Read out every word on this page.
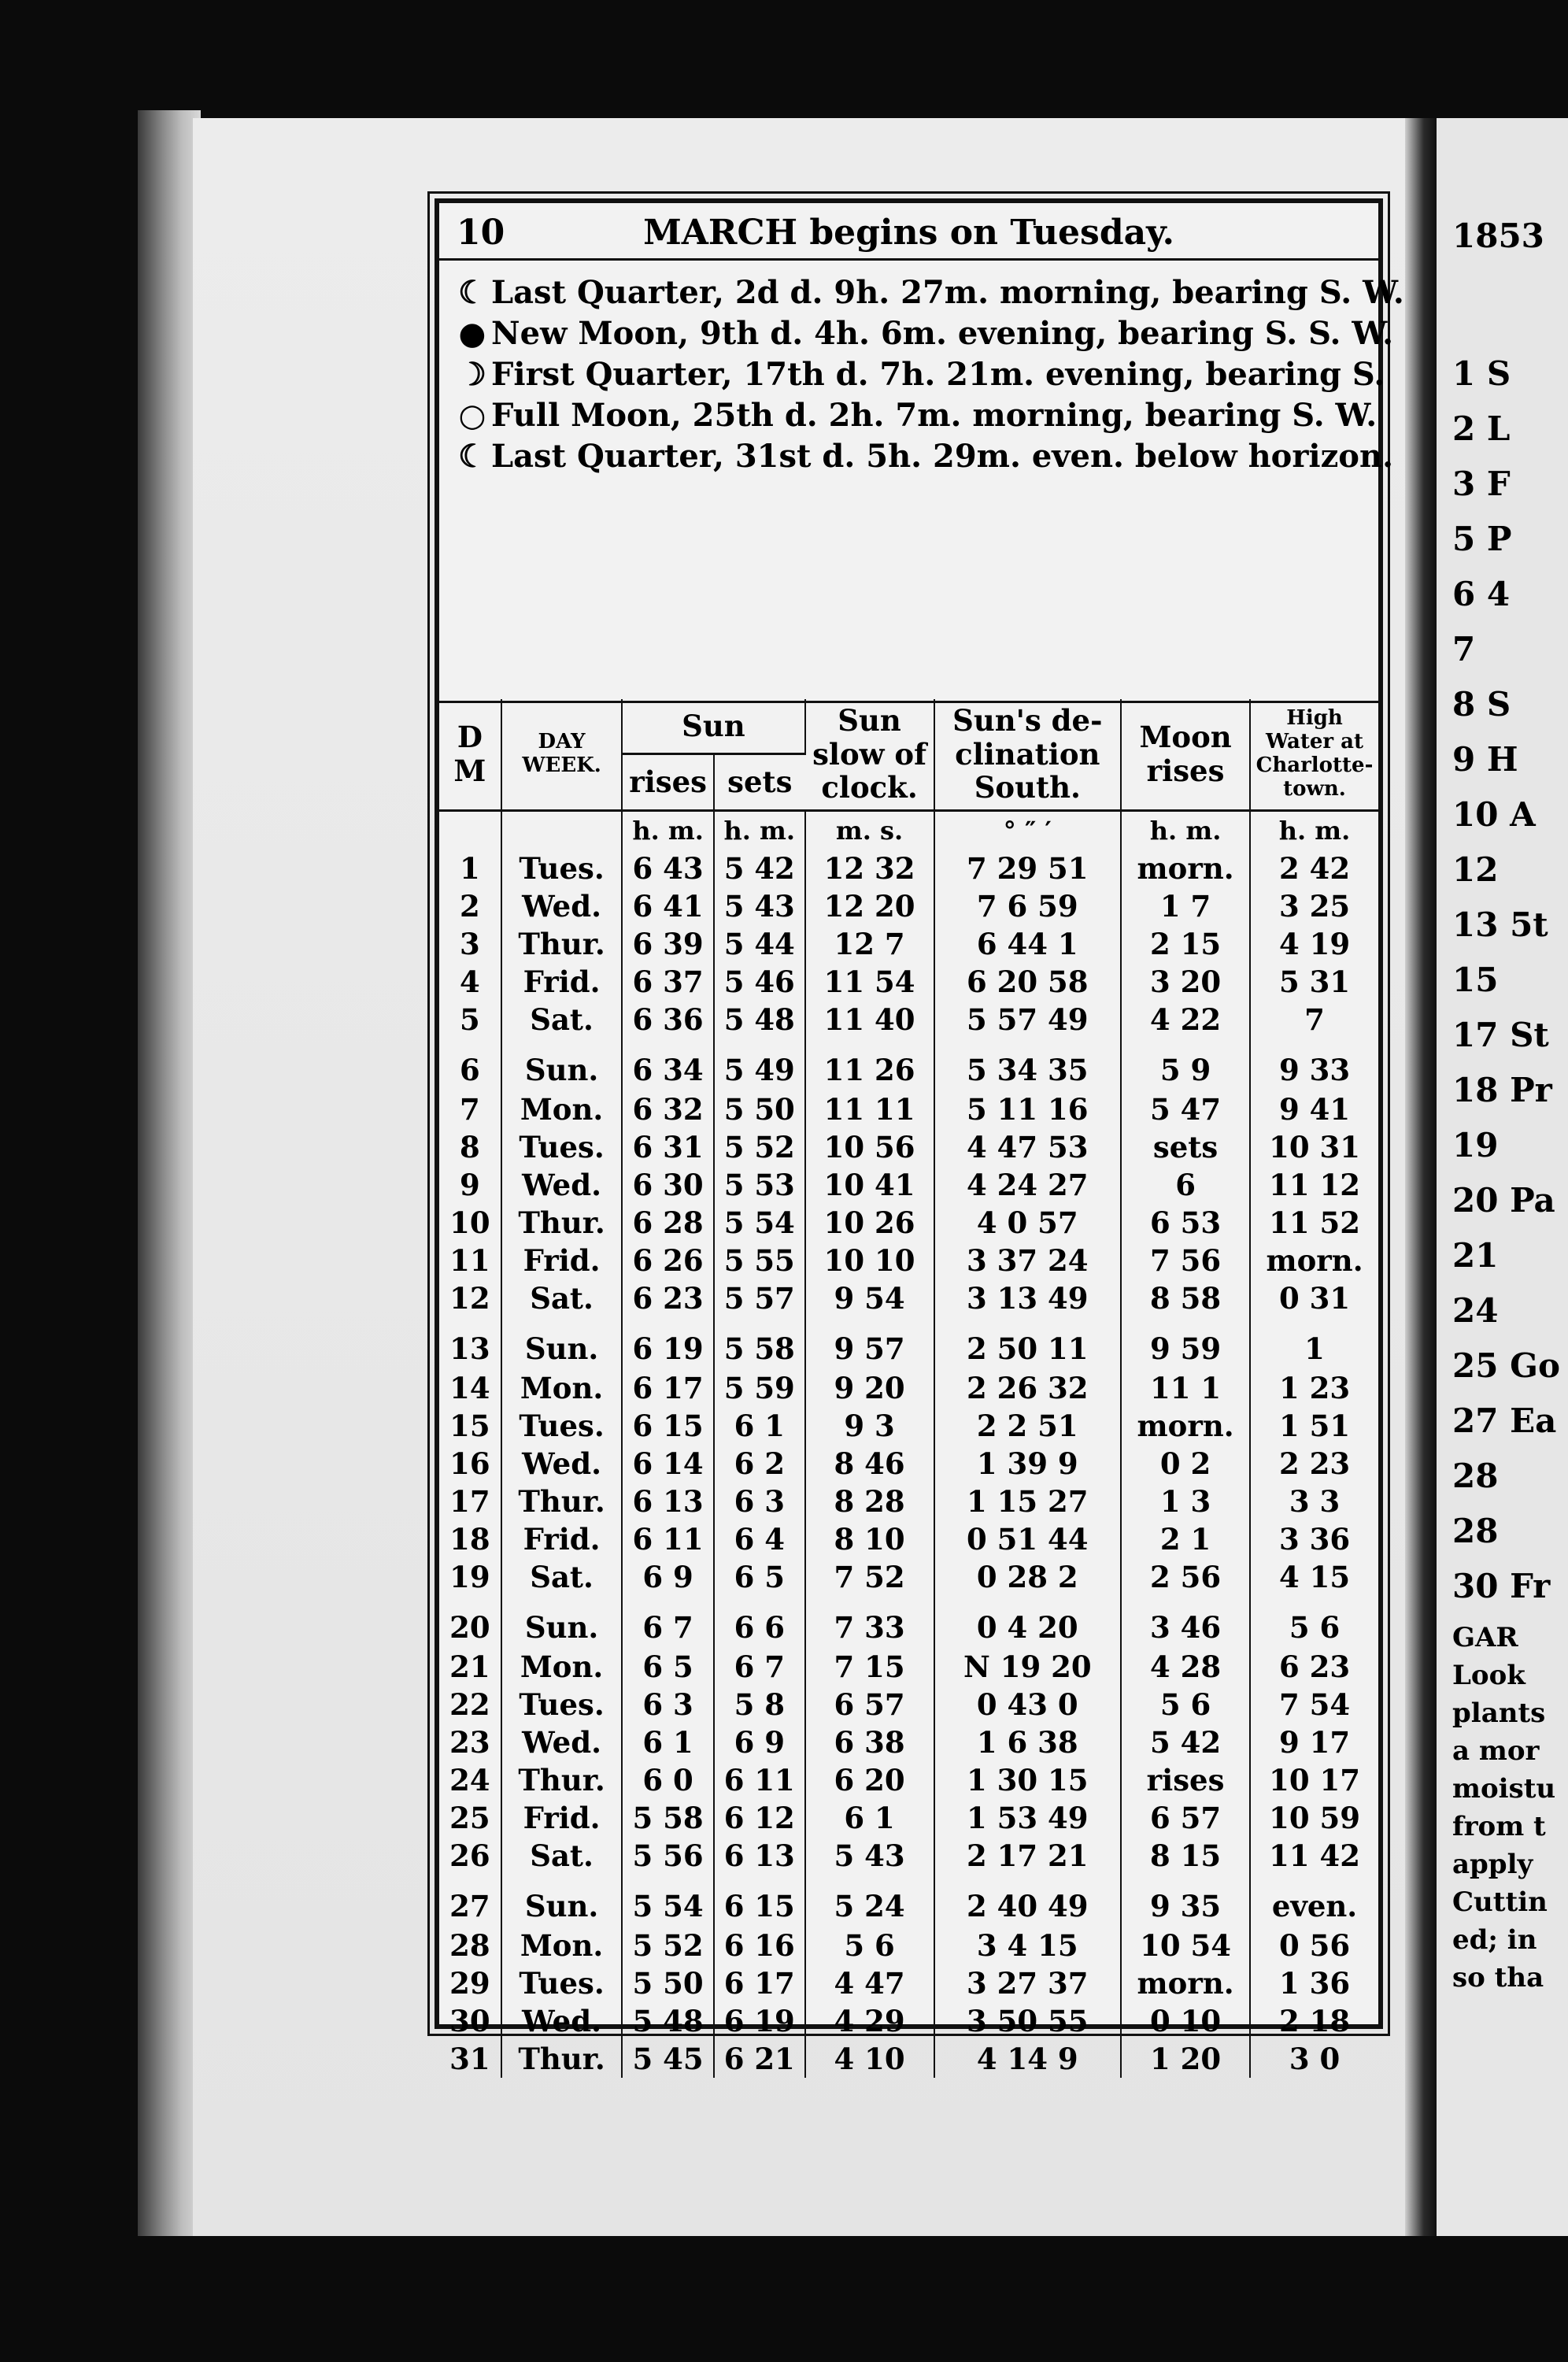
1853
1 S
2 L
3 F
5 P
6 4
7
8 S
9 H
10 A
12
13 5t
15
17 St
18 Pr
19
20 Pa
21
24
25 Go
27 Ea
28
28
30 Fr
GAR
Look
plants
a mor
moistu
from t
apply
Cuttin
ed; in
so tha
10	MARCH begins on Tuesday.
☾ Last Quarter, 2d d. 9h. 27m. morning, bearing S. W.
● New Moon, 9th d. 4h. 6m. evening, bearing S. S. W.
☽ First Quarter, 17th d. 7h. 21m. evening, bearing S.
○ Full Moon, 25th d. 2h. 7m. morning, bearing S. W.
☾ Last Quarter, 31st d. 5h. 29m. even. below horizon.
D M	DAY WEEK.	Sun		Sun slow of clock.	Sun's de- clination South.	Moon rises	High Water at Charlotte- town.
		rises	sets				
		h. m.	h. m.	m. s.	° ″ ′	h. m.	h. m.
1	Tues.	6 43	5 42	12 32	7 29 51	morn.	2 42
2	Wed.	6 41	5 43	12 20	7 6 59	1 7	3 25
3	Thur.	6 39	5 44	12 7	6 44 1	2 15	4 19
4	Frid.	6 37	5 46	11 54	6 20 58	3 20	5 31
5	Sat.	6 36	5 48	11 40	5 57 49	4 22	7
6	Sun.	6 34	5 49	11 26	5 34 35	5 9	9 33
7	Mon.	6 32	5 50	11 11	5 11 16	5 47	9 41
8	Tues.	6 31	5 52	10 56	4 47 53	sets	10 31
9	Wed.	6 30	5 53	10 41	4 24 27	6	11 12
10	Thur.	6 28	5 54	10 26	4 0 57	6 53	11 52
11	Frid.	6 26	5 55	10 10	3 37 24	7 56	morn.
12	Sat.	6 23	5 57	9 54	3 13 49	8 58	0 31
13	Sun.	6 19	5 58	9 57	2 50 11	9 59	1
14	Mon.	6 17	5 59	9 20	2 26 32	11 1	1 23
15	Tues.	6 15	6 1	9 3	2 2 51	morn.	1 51
16	Wed.	6 14	6 2	8 46	1 39 9	0 2	2 23
17	Thur.	6 13	6 3	8 28	1 15 27	1 3	3 3
18	Frid.	6 11	6 4	8 10	0 51 44	2 1	3 36
19	Sat.	6 9	6 5	7 52	0 28 2	2 56	4 15
20	Sun.	6 7	6 6	7 33	0 4 20	3 46	5 6
21	Mon.	6 5	6 7	7 15	N 19 20	4 28	6 23
22	Tues.	6 3	5 8	6 57	0 43 0	5 6	7 54
23	Wed.	6 1	6 9	6 38	1 6 38	5 42	9 17
24	Thur.	6 0	6 11	6 20	1 30 15	rises	10 17
25	Frid.	5 58	6 12	6 1	1 53 49	6 57	10 59
26	Sat.	5 56	6 13	5 43	2 17 21	8 15	11 42
27	Sun.	5 54	6 15	5 24	2 40 49	9 35	even.
28	Mon.	5 52	6 16	5 6	3 4 15	10 54	0 56
29	Tues.	5 50	6 17	4 47	3 27 37	morn.	1 36
30	Wed.	5 48	6 19	4 29	3 50 55	0 10	2 18
31	Thur.	5 45	6 21	4 10	4 14 9	1 20	3 0
